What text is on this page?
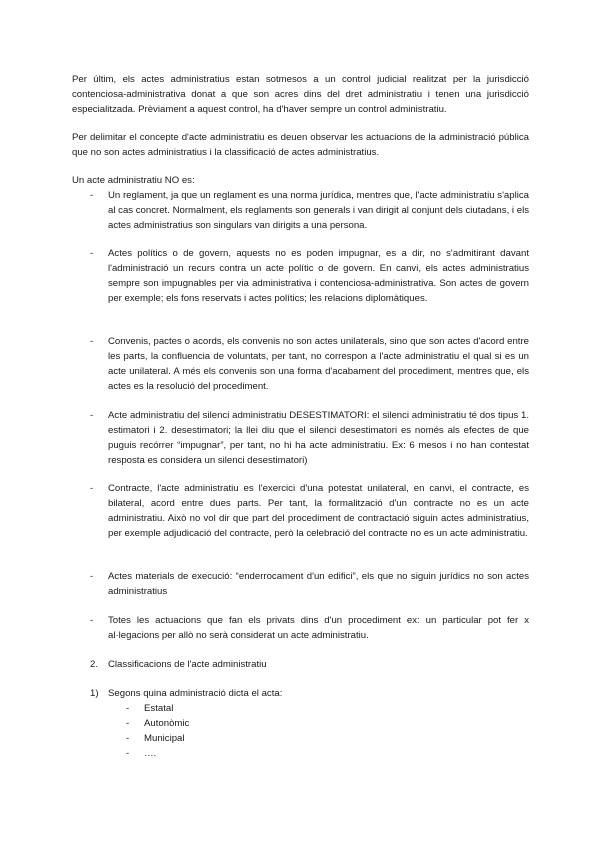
Per últim, els actes administratius estan sotmesos a un control judicial realitzat per la jurisdicció contenciosa-administrativa donat a que son acres dins del dret administratiu i tenen una jurisdicció especialitzada. Prèviament a aquest control, ha d'haver sempre un control administratiu.

Per delimitar el concepte d'acte administratiu es deuen observar les actuacions de la administració pública que no son actes administratius i la classificació de actes administratius.

Un acte administratiu NO es:

-	Un reglament, ja que un reglament es una norma jurídica, mentres que, l'acte administratiu s'aplica al cas concret. Normalment, els reglaments son generals i van dirigit al conjunt dels ciutadans, i els actes administratius son singulars van dirigits a una persona.

-	Actes polítics o de govern, aquests no es poden impugnar, es a dir, no s'admitirant davant l'administració un recurs contra un acte polític o de govern. En canvi, els actes administratius sempre son impugnables per via administrativa i contenciosa-administrativa. Son actes de govern per exemple; els fons reservats i actes polítics; les relacions diplomàtiques.

-	Convenis, pactes o acords, els convenis no son actes unilaterals, sino que son actes d'acord entre les parts, la confluencia de voluntats, per tant, no correspon a l'acte administratiu el qual si es un acte unilateral. A més els convenis son una forma d'acabament del procediment, mentres que, els actes es la resolució del procediment.

-	Acte administratiu del silenci administratiu DESESTIMATORI: el silenci administratiu té dos tipus 1. estimatori i 2. desestimatori; la llei diu que el silenci desestimatori es només als efectes de que puguis recórrer “impugnar”, per tant, no hi ha acte administratiu. Ex: 6 mesos i no han contestat resposta es considera un silenci desestimatori)

-	Contracte, l'acte administratiu es l'exercici d'una potestat unilateral, en canvi, el contracte, es bilateral, acord entre dues parts. Per tant, la formalització d'un contracte no es un acte administratiu. Això no vol dir que part del procediment de contractació siguin actes administratius, per exemple adjudicació del contracte, però la celebració del contracte no es un acte administratiu.

-	Actes materials de execució: “enderrocament d'un edifici”, els que no siguin jurídics no son actes administratius

-	Totes les actuacions que fan els privats dins d'un procediment ex: un particular pot fer x al·legacions per allò no serà considerat un acte administratiu.

2. Classificacions de l'acte administratiu
1) Segons quina administració dicta el acta:
-	Estatal
-	Autonòmic
-	Municipal
-	….
